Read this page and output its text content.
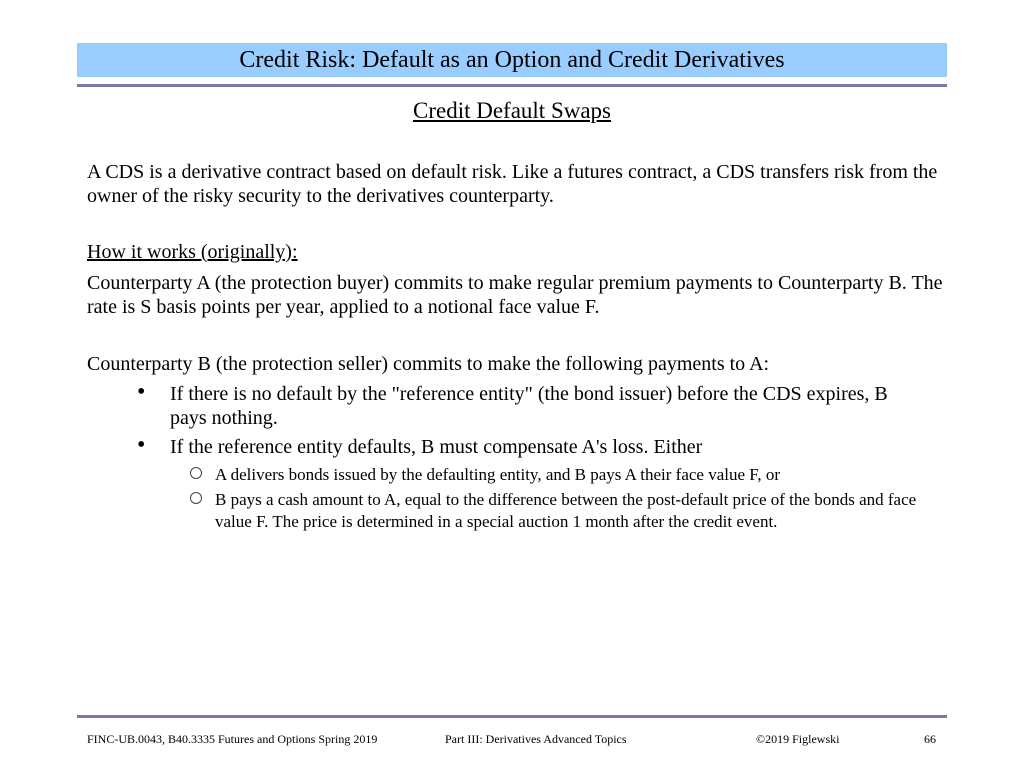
Credit Risk: Default as an Option and Credit Derivatives
Credit Default Swaps
A CDS is a derivative contract based on default risk. Like a futures contract, a CDS transfers risk from the owner of the risky security to the derivatives counterparty.
How it works (originally):
Counterparty A (the protection buyer) commits to make regular premium payments to Counterparty B. The rate is S basis points per year, applied to a notional face value F.
Counterparty B (the protection seller) commits to make the following payments to A:
• If there is no default by the "reference entity" (the bond issuer) before the CDS expires, B pays nothing.
• If the reference entity defaults, B must compensate A's loss. Either
A delivers bonds issued by the defaulting entity, and B pays A their face value F, or
B pays a cash amount to A, equal to the difference between the post-default price of the bonds and face value F. The price is determined in a special auction 1 month after the credit event.
FINC-UB.0043, B40.3335 Futures and Options Spring 2019	Part III: Derivatives Advanced Topics	©2019 Figlewski	66
